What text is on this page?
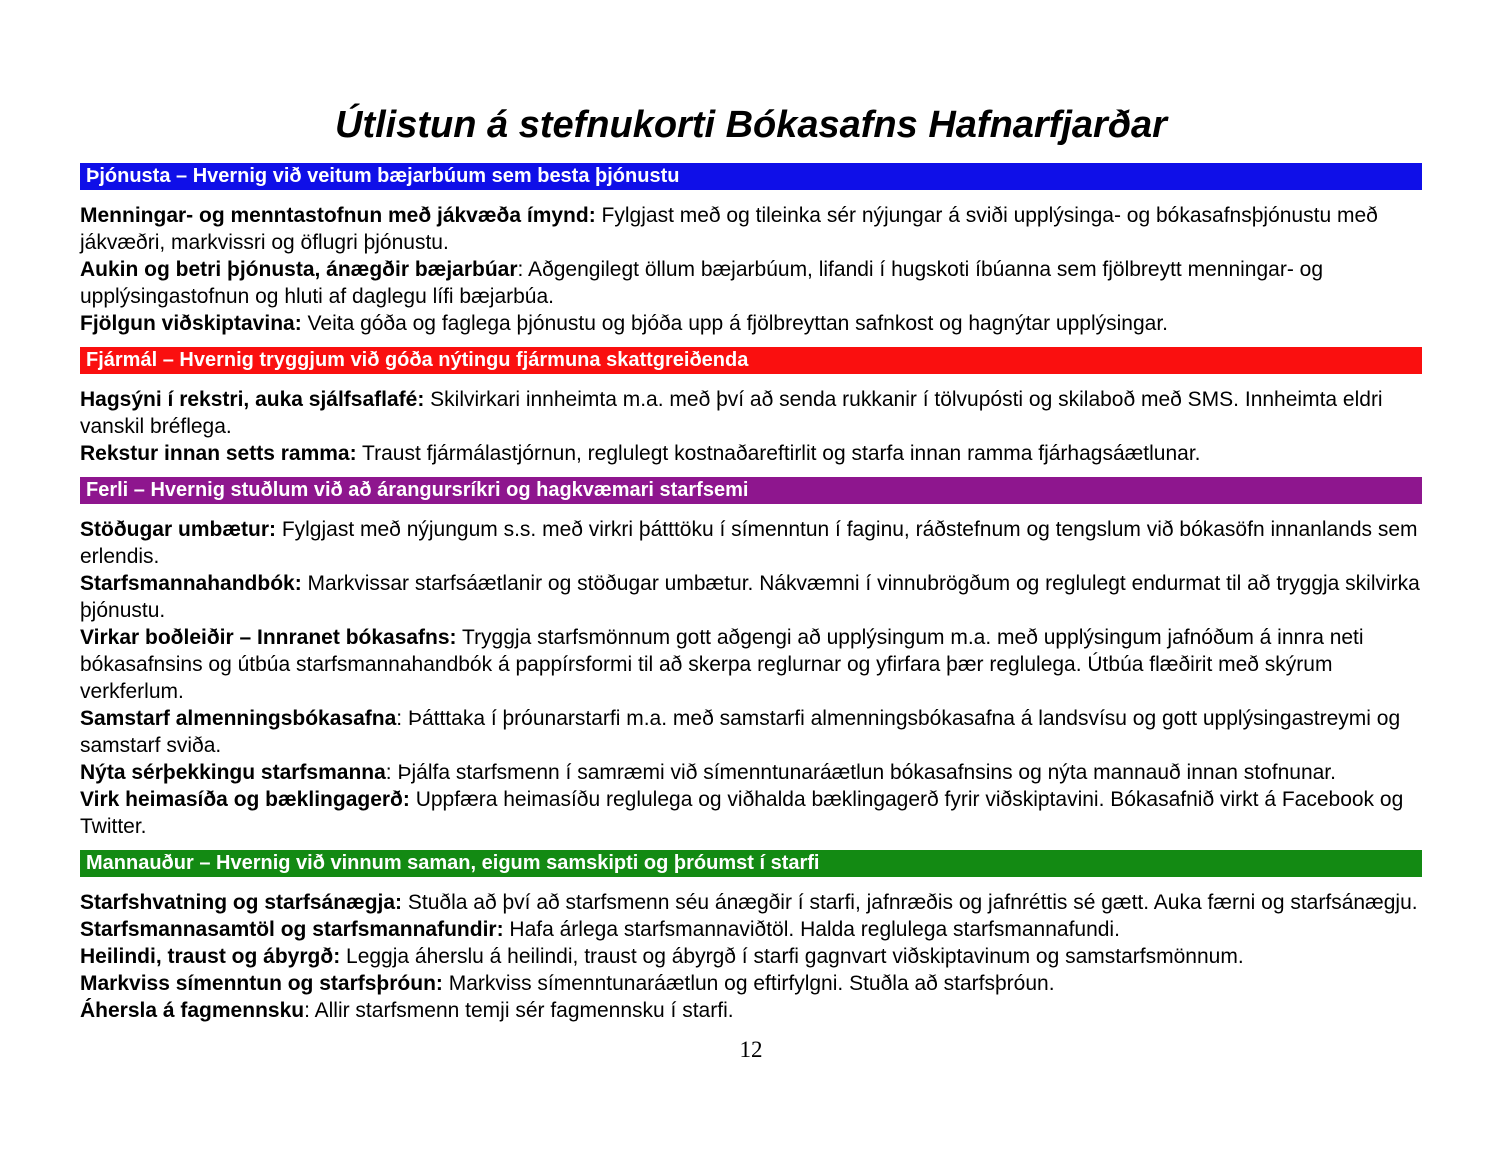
Útlistun á stefnukorti Bókasafns Hafnarfjarðar
Þjónusta – Hvernig við veitum bæjarbúum sem besta þjónustu
Menningar- og menntastofnun með jákvæða ímynd: Fylgjast með og tileinka sér nýjungar á sviði upplýsinga- og bókasafnsþjónustu með jákvæðri, markvissri og öflugri þjónustu.
Aukin og betri þjónusta, ánægðir bæjarbúar: Aðgengilegt öllum bæjarbúum, lifandi í hugskoti íbúanna sem fjölbreytt menningar- og upplýsingastofnun og hluti af daglegu lífi bæjarbúa.
Fjölgun viðskiptavina: Veita góða og faglega þjónustu og bjóða upp á fjölbreyttan safnkost og hagnýtar upplýsingar.
Fjármál – Hvernig tryggjum við góða nýtingu fjármuna skattgreiðenda
Hagsýni í rekstri, auka sjálfsaflafé: Skilvirkari innheimta m.a. með því að senda rukkanir í tölvupósti og skilaboð með SMS. Innheimta eldri vanskil bréflega.
Rekstur innan setts ramma: Traust fjármálastjórnun, reglulegt kostnaðareftirlit og starfa innan ramma fjárhagsáætlunar.
Ferli – Hvernig stuðlum við að árangursríkri og hagkvæmari starfsemi
Stöðugar umbætur: Fylgjast með nýjungum s.s. með virkri þátttöku í símenntun í faginu, ráðstefnum og tengslum við bókasöfn innanlands sem erlendis.
Starfsmannahandbók: Markvissar starfsáætlanir og stöðugar umbætur. Nákvæmni í vinnubrögðum og reglulegt endurmat til að tryggja skilvirka þjónustu.
Virkar boðleiðir – Innranet bókasafns: Tryggja starfsmönnum gott aðgengi að upplýsingum m.a. með upplýsingum jafnóðum á innra neti bókasafnsins og útbúa starfsmannahandbók á pappírsformi til að skerpa reglurnar og yfirfara þær reglulega. Útbúa flæðirit með skýrum verkferlum.
Samstarf almenningsbókasafna: Þátttaka í þróunarstarfi m.a. með samstarfi almenningsbókasafna á landsvísu og gott upplýsingastreymi og samstarf sviða.
Nýta sérþekkingu starfsmanna: Þjálfa starfsmenn í samræmi við símenntunaráætlun bókasafnsins og nýta mannauð innan stofnunar.
Virk heimasíða og bæklingagerð: Uppfæra heimasíðu reglulega og viðhalda bæklingagerð fyrir viðskiptavini. Bókasafnið virkt á Facebook og Twitter.
Mannauður – Hvernig við vinnum saman, eigum samskipti og þróumst í starfi
Starfshvatning og starfsánægja: Stuðla að því að starfsmenn séu ánægðir í starfi, jafnræðis og jafnréttis sé gætt. Auka færni og starfsánægju.
Starfsmannasamtöl og starfsmannafundir: Hafa árlega starfsmannaviðtöl. Halda reglulega starfsmannafundi.
Heilindi, traust og ábyrgð: Leggja áherslu á heilindi, traust og ábyrgð í starfi gagnvart viðskiptavinum og samstarfsmönnum.
Markviss símenntun og starfsþróun: Markviss símenntunaráætlun og eftirfylgni. Stuðla að starfsþróun.
Áhersla á fagmennsku: Allir starfsmenn temji sér fagmennsku í starfi.
12
